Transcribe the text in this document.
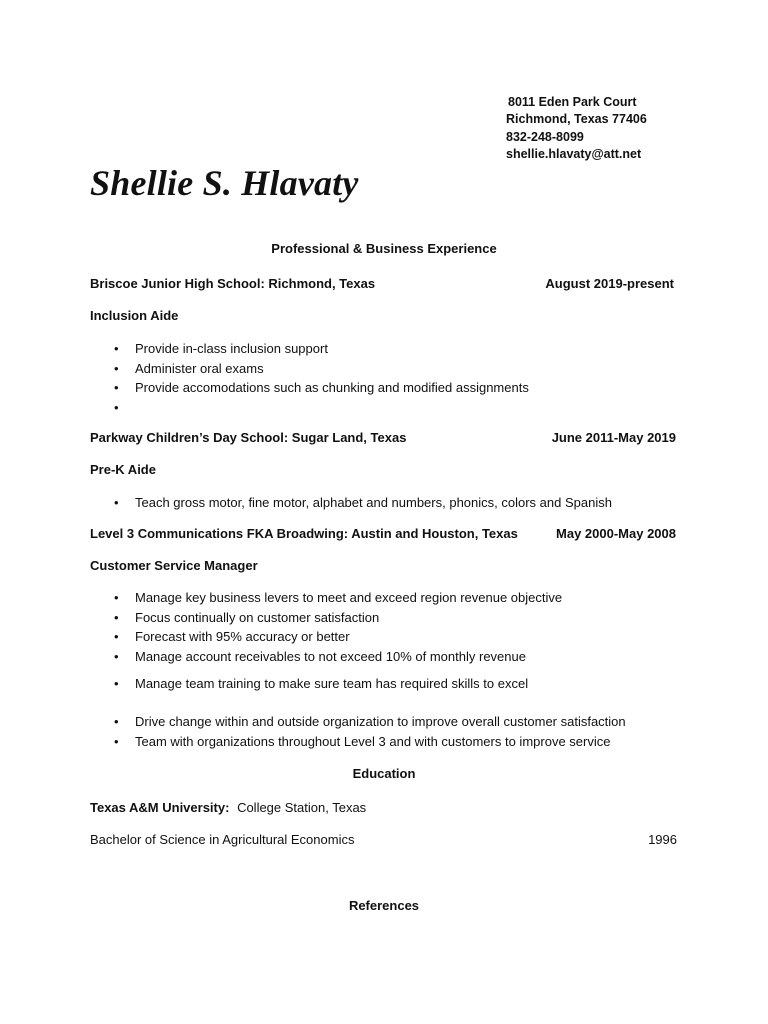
8011 Eden Park Court
Richmond, Texas 77406
832-248-8099
shellie.hlavaty@att.net
Shellie S. Hlavaty
Professional & Business Experience
Briscoe Junior High School: Richmond, Texas	August 2019-present
Inclusion Aide
• Provide in-class inclusion support
• Administer oral exams
• Provide accomodations such as chunking and modified assignments
•
Parkway Children’s Day School: Sugar Land, Texas	June 2011-May 2019
Pre-K Aide
• Teach gross motor, fine motor, alphabet and numbers, phonics, colors and Spanish
Level 3 Communications FKA Broadwing: Austin and Houston, Texas	May 2000-May 2008
Customer Service Manager
• Manage key business levers to meet and exceed region revenue objective
• Focus continually on customer satisfaction
• Forecast with 95% accuracy or better
• Manage account receivables to not exceed 10% of monthly revenue
• Manage team training to make sure team has required skills to excel
• Drive change within and outside organization to improve overall customer satisfaction
• Team with organizations throughout Level 3 and with customers to improve service
Education
Texas A&M University: College Station, Texas
Bachelor of Science in Agricultural Economics	1996
References
